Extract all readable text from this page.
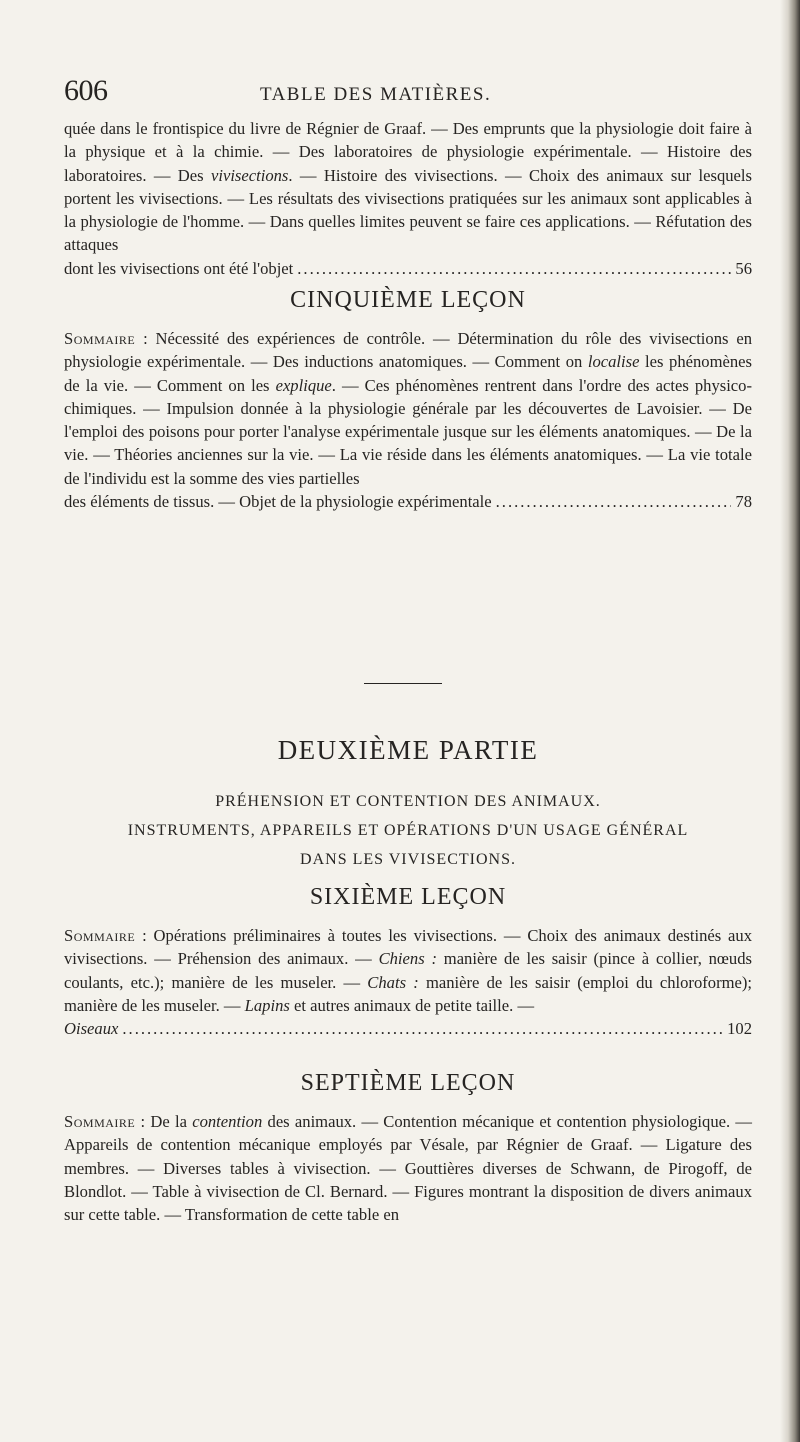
606	TABLE DES MATIÈRES.

quée dans le frontispice du livre de Régnier de Graaf. — Des emprunts que la physiologie doit faire à la physique et à la chimie. — Des laboratoires de physiologie expérimentale. — Histoire des laboratoires. — Des vivisections. — Histoire des vivisections. — Choix des animaux sur lesquels portent les vivisections. — Les résultats des vivisections pratiquées sur les animaux sont applicables à la physiologie de l'homme. — Dans quelles limites peuvent se faire ces applications. — Réfutation des attaques

dont les vivisections ont été l'objet .....	56
CINQUIÈME LEÇON

Sommaire : Nécessité des expériences de contrôle. — Détermination du rôle des vivisections en physiologie expérimentale. — Des inductions anatomiques. — Comment on localise les phénomènes de la vie. — Comment on les explique. — Ces phénomènes rentrent dans l'ordre des actes physico-chimiques. — Impulsion donnée à la physiologie générale par les découvertes de Lavoisier. — De l'emploi des poisons pour porter l'analyse expérimentale jusque sur les éléments anatomiques. — De la vie. — Théories anciennes sur la vie. — La vie réside dans les éléments anatomiques. — La vie totale de l'individu est la somme des vies partielles

des éléments de tissus. — Objet de la physiologie expérimentale .....	78
DEUXIÈME PARTIE
PRÉHENSION ET CONTENTION DES ANIMAUX.
INSTRUMENTS, APPAREILS ET OPÉRATIONS D'UN USAGE GÉNÉRAL
DANS LES VIVISECTIONS.
SIXIÈME LEÇON

Sommaire : Opérations préliminaires à toutes les vivisections. — Choix des animaux destinés aux vivisections. — Préhension des animaux. — Chiens : manière de les saisir (pince à collier, nœuds coulants, etc.); manière de les museler. — Chats : manière de les saisir (emploi du chloroforme); manière de les museler. — Lapins et autres animaux de petite taille. —

Oiseaux .....	102
SEPTIÈME LEÇON

Sommaire : De la contention des animaux. — Contention mécanique et contention physiologique. — Appareils de contention mécanique employés par Vésale, par Régnier de Graaf. — Ligature des membres. — Diverses tables à vivisection. — Gouttières diverses de Schwann, de Pirogoff, de Blondlot. — Table à vivisection de Cl. Bernard. — Figures montrant la disposition de divers animaux sur cette table. — Transformation de cette table en
